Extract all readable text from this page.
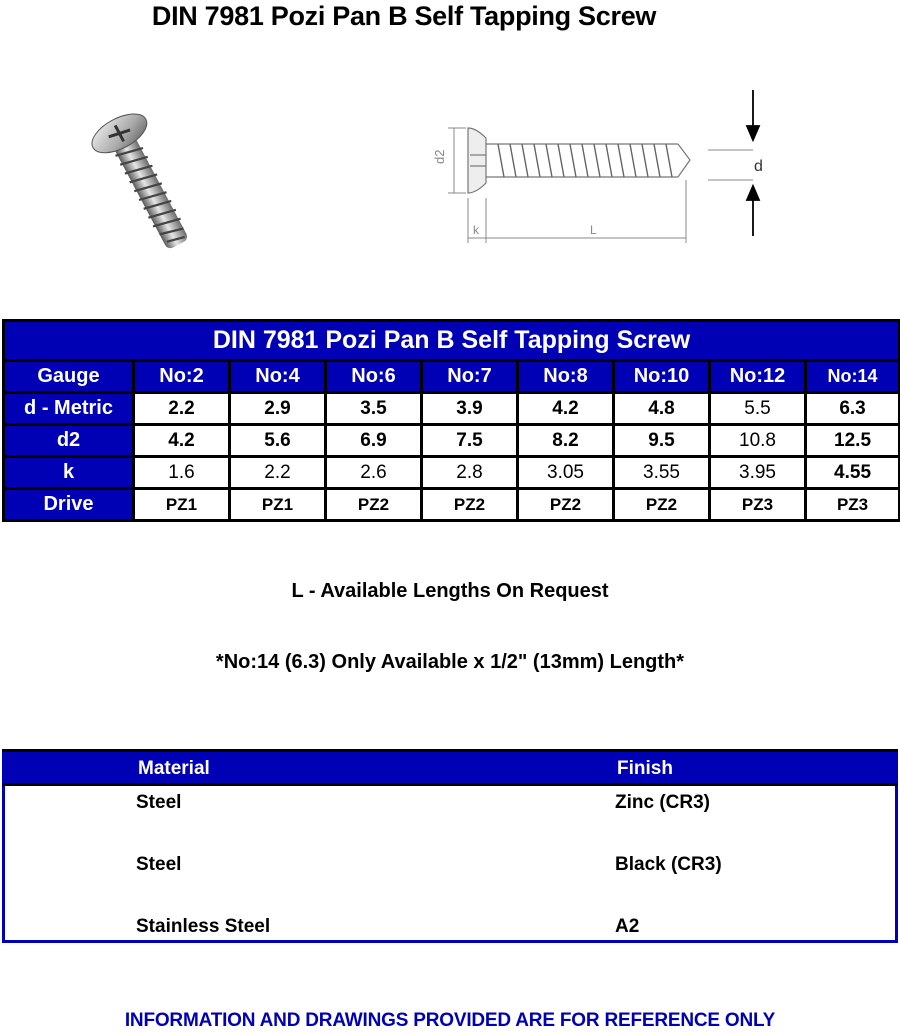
DIN 7981 Pozi Pan B Self Tapping Screw
d2
d
k	L
DIN 7981 Pozi Pan B Self Tapping Screw								
Gauge	No:2	No:4	No:6	No:7	No:8	No:10	No:12	No:14
d - Metric	2.2	2.9	3.5	3.9	4.2	4.8	5.5	6.3
d2	4.2	5.6	6.9	7.5	8.2	9.5	10.8	12.5
k	1.6	2.2	2.6	2.8	3.05	3.55	3.95	4.55
Drive	PZ1	PZ1	PZ2	PZ2	PZ2	PZ2	PZ3	PZ3
L - Available Lengths On Request
*No:14 (6.3) Only Available x 1/2" (13mm) Length*
Material	Finish
Steel	Zinc (CR3)
Steel	Black (CR3)
Stainless Steel	A2
INFORMATION AND DRAWINGS PROVIDED ARE FOR REFERENCE ONLY
